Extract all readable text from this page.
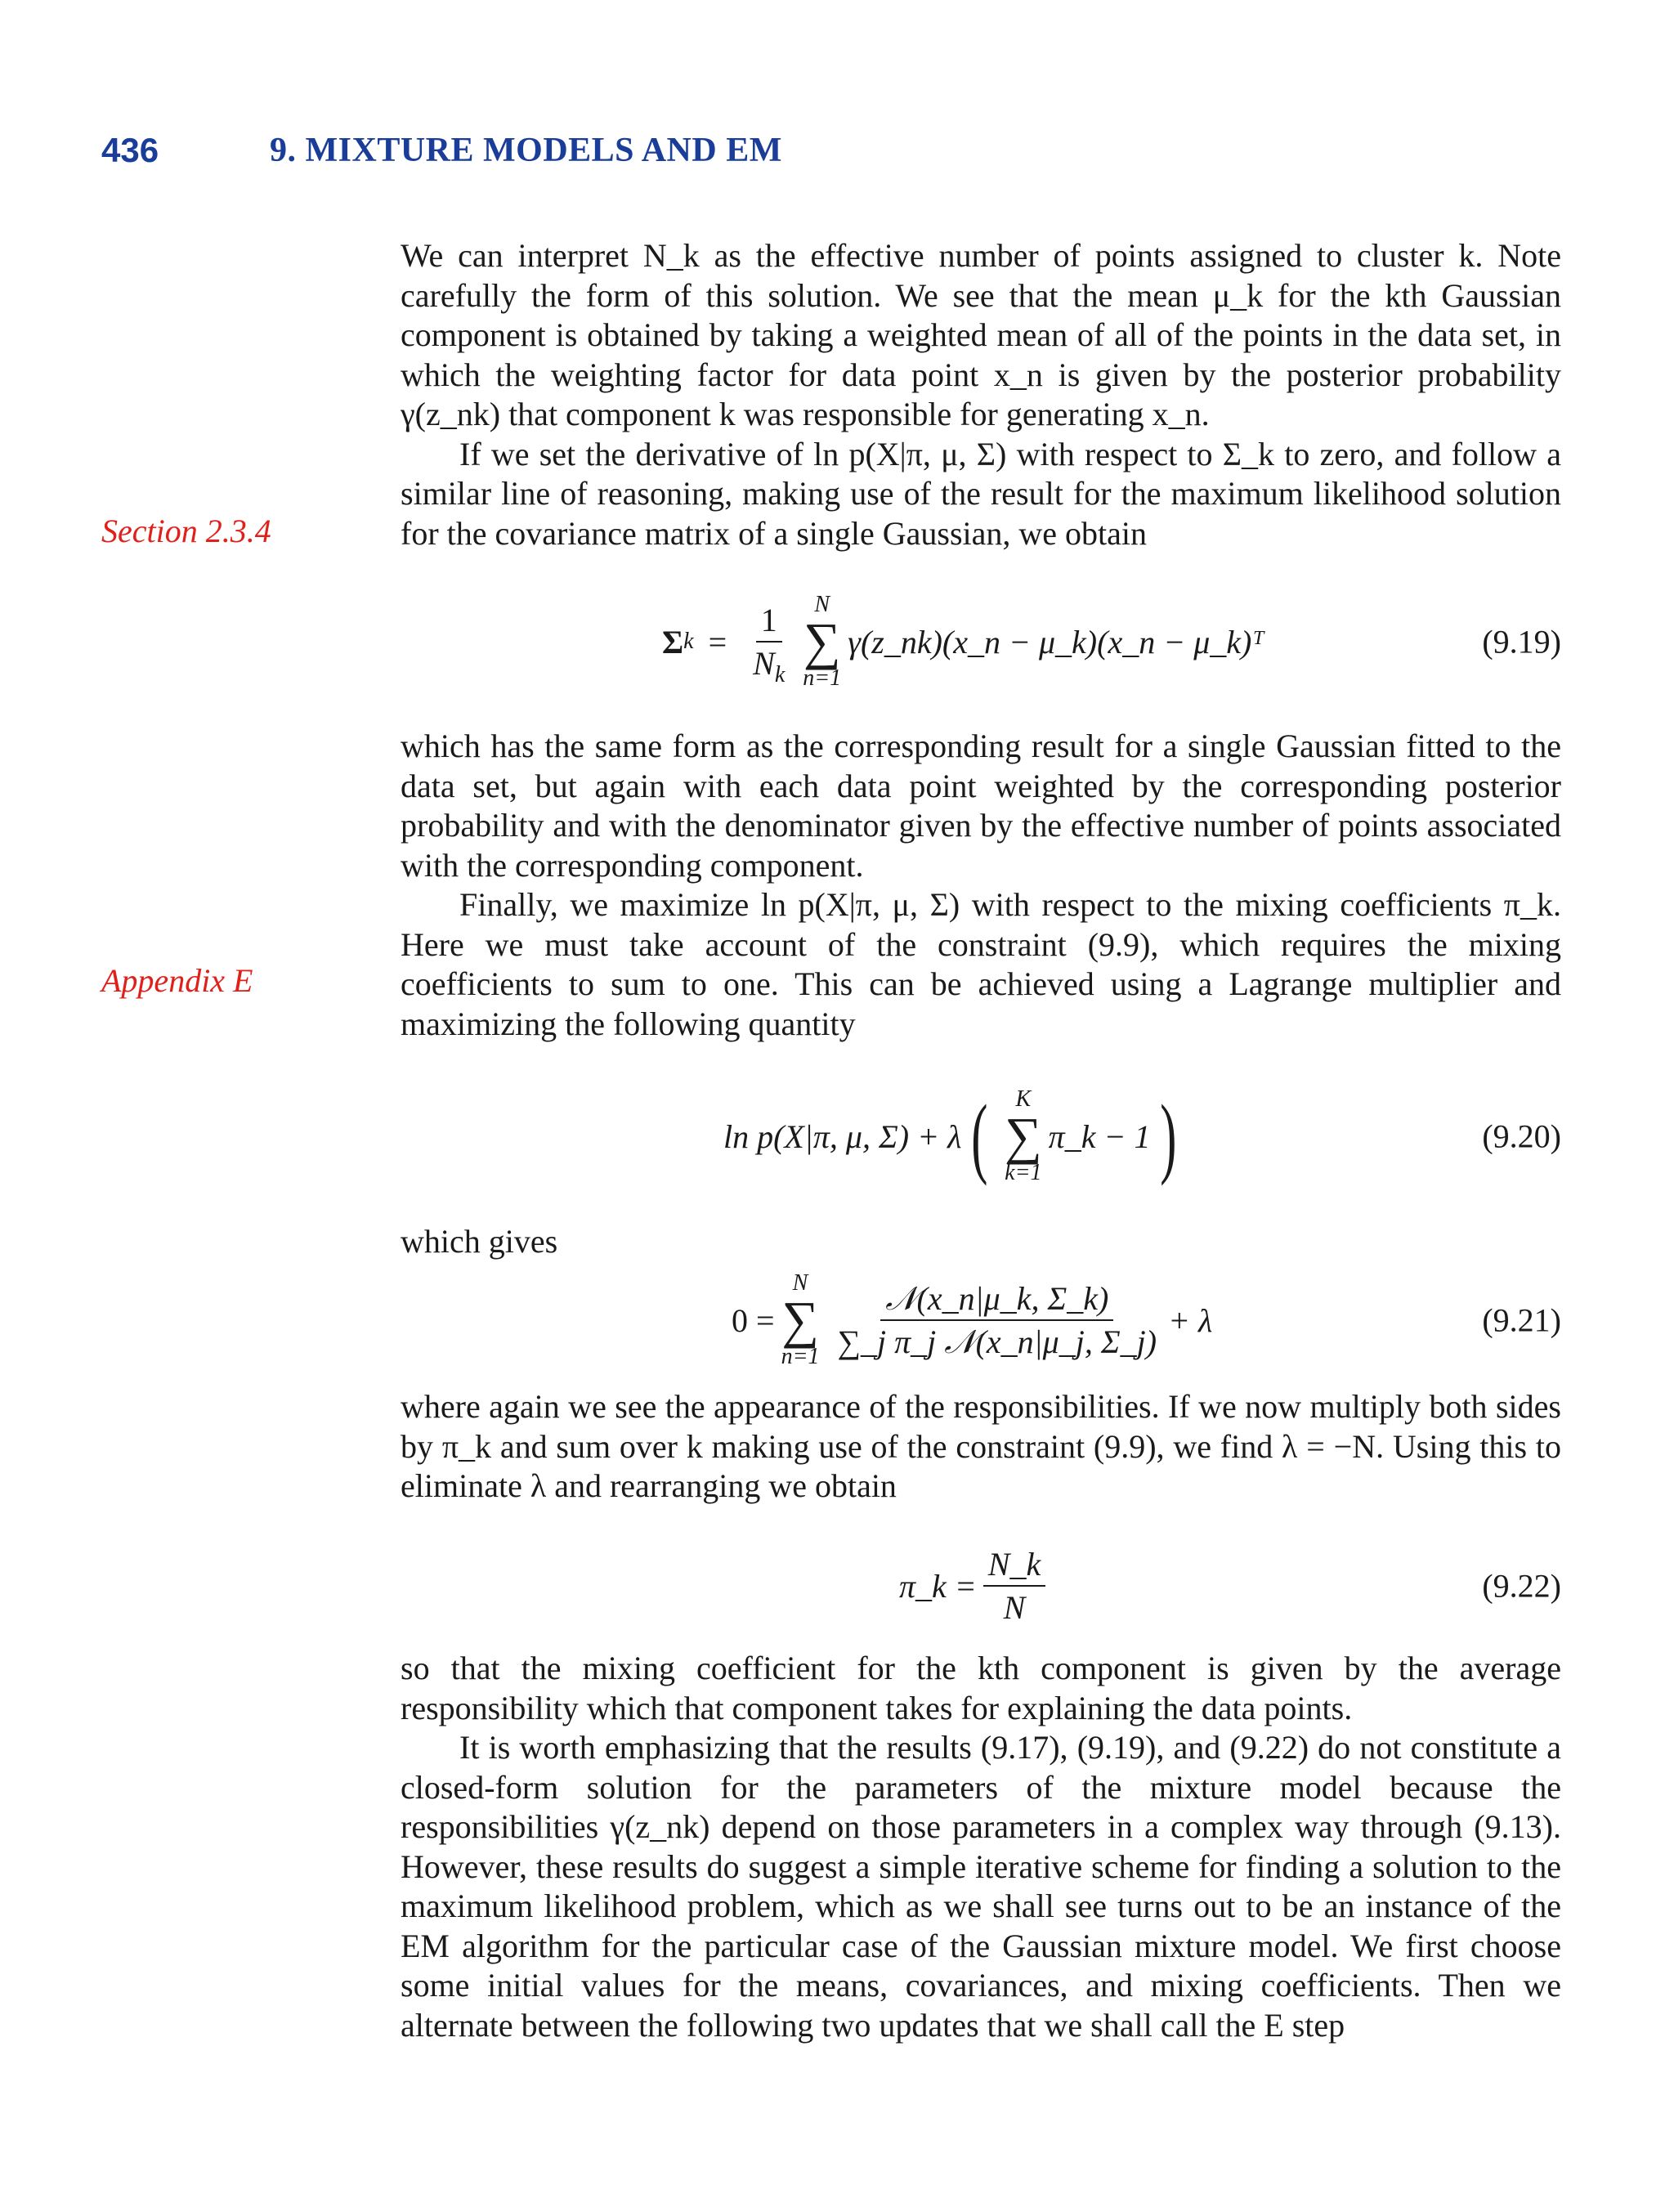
436	9. MIXTURE MODELS AND EM
Section 2.3.4
Appendix E

We can interpret N_k as the effective number of points assigned to cluster k. Note carefully the form of this solution. We see that the mean μ_k for the kth Gaussian component is obtained by taking a weighted mean of all of the points in the data set, in which the weighting factor for data point x_n is given by the posterior probability γ(z_nk) that component k was responsible for generating x_n.

If we set the derivative of ln p(X|π, μ, Σ) with respect to Σ_k to zero, and follow a similar line of reasoning, making use of the result for the maximum likelihood solution for the covariance matrix of a single Gaussian, we obtain

Σ $k = \frac{1}{N_k}$ N
∑
n=1
γ(z_nk)(x_n − μ_k)(x_n − μ_k)ᵀ	(9.19)

which has the same form as the corresponding result for a single Gaussian fitted to the data set, but again with each data point weighted by the corresponding posterior probability and with the denominator given by the effective number of points associated with the corresponding component.

Finally, we maximize ln p(X|π, μ, Σ) with respect to the mixing coefficients π_k. Here we must take account of the constraint (9.9), which requires the mixing coefficients to sum to one. This can be achieved using a Lagrange multiplier and maximizing the following quantity

ln p(X|π, μ, Σ) + λ ( K
∑
k=1
π_k − 1 )	(9.20)

which gives

0 =
N
∑
$n=1 \frac{\text{𝒩(x\_n|μ\_k, Σ\_k)}}{\text{∑\_j π\_j 𝒩(x\_n|μ\_j, Σ\_j)}} + \lambda$	(9.21)

where again we see the appearance of the responsibilities. If we now multiply both sides by π_k and sum over k making use of the constraint (9.9), we find λ = −N. Using this to eliminate λ and rearranging we obtain

π_k = $\frac{N\_k}{N}$	(9.22)

so that the mixing coefficient for the kth component is given by the average responsibility which that component takes for explaining the data points.

It is worth emphasizing that the results (9.17), (9.19), and (9.22) do not constitute a closed-form solution for the parameters of the mixture model because the responsibilities γ(z_nk) depend on those parameters in a complex way through (9.13). However, these results do suggest a simple iterative scheme for finding a solution to the maximum likelihood problem, which as we shall see turns out to be an instance of the EM algorithm for the particular case of the Gaussian mixture model. We first choose some initial values for the means, covariances, and mixing coefficients. Then we alternate between the following two updates that we shall call the E step
